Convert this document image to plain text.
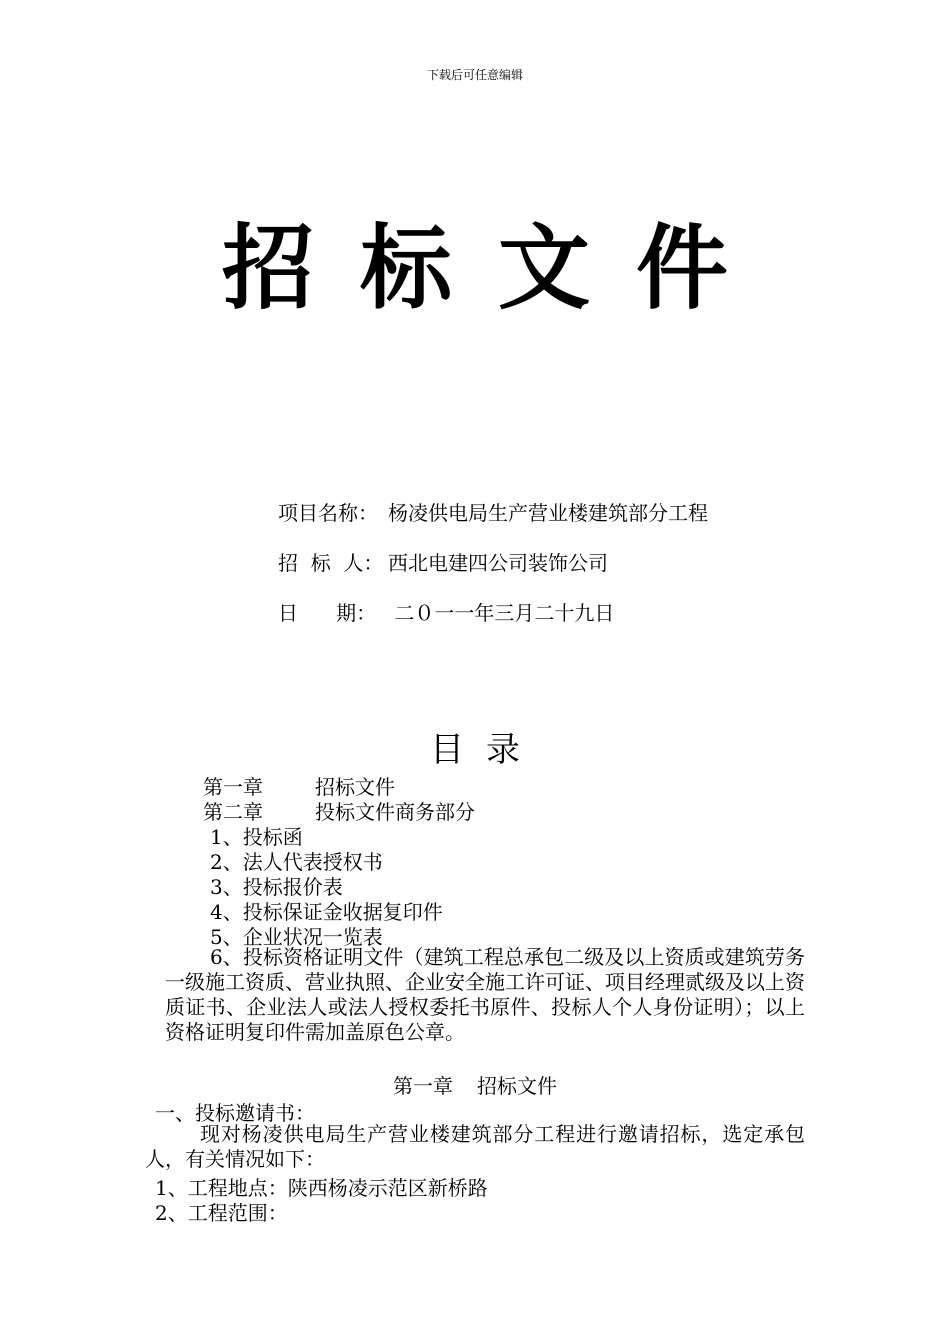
下载后可任意编辑
招标文件
项目名称： 杨凌供电局生产营业楼建筑部分工程
招  标  人： 西北电建四公司装饰公司
日      期： 二０一一年三月二十九日
目录
第一章	招标文件
第二章	投标文件商务部分
1、投标函
2、法人代表授权书
3、投标报价表
4、投标保证金收据复印件
5、企业状况一览表
6、投标资格证明文件（建筑工程总承包二级及以上资质或建筑劳务一级施工资质、营业执照、企业安全施工许可证、项目经理贰级及以上资质证书、企业法人或法人授权委托书原件、投标人个人身份证明）；以上资格证明复印件需加盖原色公章。
第一章 招标文件
一、投标邀请书：
现对杨凌供电局生产营业楼建筑部分工程进行邀请招标，选定承包人，有关情况如下：
1、工程地点：陕西杨凌示范区新桥路
2、工程范围：
